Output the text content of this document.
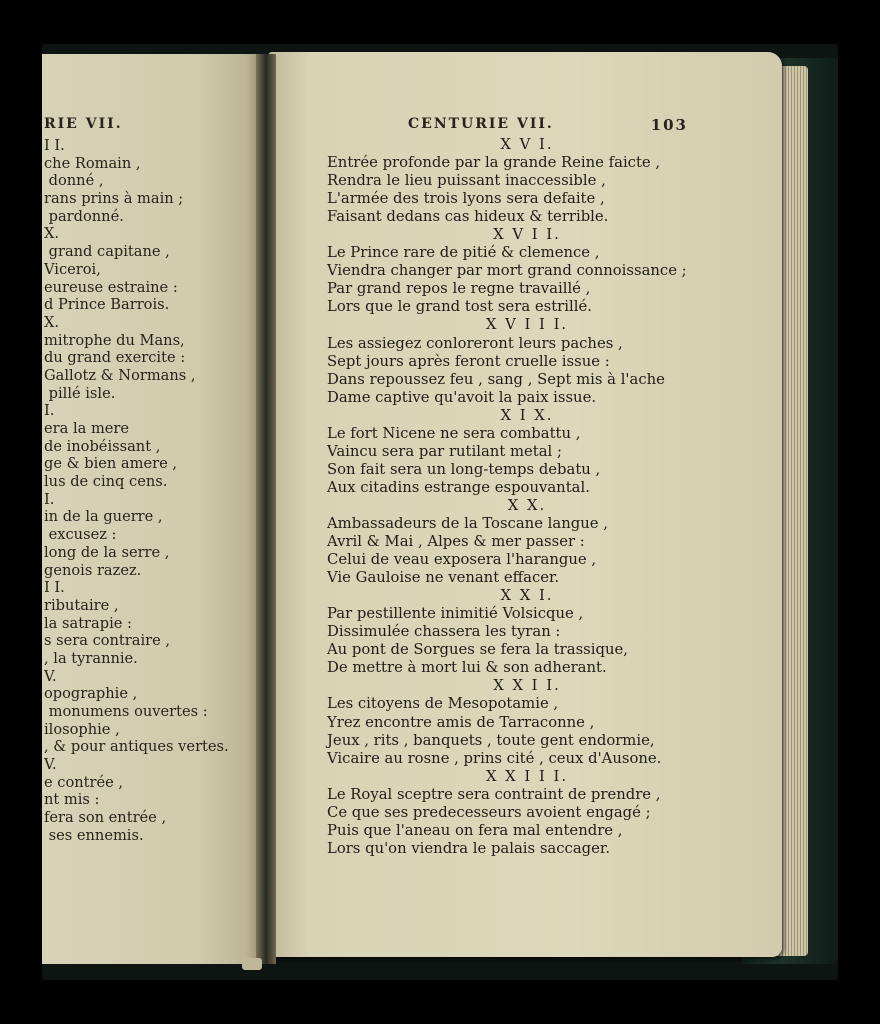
RIE VII.
I I.
che Romain ,
donné ,
rans prins à main ;
pardonné.
X.
grand capitane ,
Viceroi,
eureuse estraine :
d Prince Barrois.
X.
mitrophe du Mans,
du grand exercite :
Gallotz & Normans ,
pillé isle.
I.
era la mere
de inobéissant ,
ge & bien amere ,
lus de cinq cens.
I.
in de la guerre ,
excusez :
long de la serre ,
genois razez.
I I.
ributaire ,
la satrapie :
s sera contraire ,
, la tyrannie.
V.
opographie ,
monumens ouvertes :
ilosophie ,
, & pour antiques vertes.
V.
e contrée ,
nt mis :
fera son entrée ,
ses ennemis.
CENTURIE VII.	103
X V I.
Entrée profonde par la grande Reine faicte ,
Rendra le lieu puissant inaccessible ,
L'armée des trois lyons sera defaite ,
Faisant dedans cas hideux & terrible.
X V I I.
Le Prince rare de pitié & clemence ,
Viendra changer par mort grand connoissance ;
Par grand repos le regne travaillé ,
Lors que le grand tost sera estrillé.
X V I I I.
Les assiegez conloreront leurs paches ,
Sept jours après feront cruelle issue :
Dans repoussez feu , sang , Sept mis à l'ache
Dame captive qu'avoit la paix issue.
X I X.
Le fort Nicene ne sera combattu ,
Vaincu sera par rutilant metal ;
Son fait sera un long-temps debatu ,
Aux citadins estrange espouvantal.
X X.
Ambassadeurs de la Toscane langue ,
Avril & Mai , Alpes & mer passer :
Celui de veau exposera l'harangue ,
Vie Gauloise ne venant effacer.
X X I.
Par pestillente inimitié Volsicque ,
Dissimulée chassera les tyran :
Au pont de Sorgues se fera la trassique,
De mettre à mort lui & son adherant.
X X I I.
Les citoyens de Mesopotamie ,
Yrez encontre amis de Tarraconne ,
Jeux , rits , banquets , toute gent endormie,
Vicaire au rosne , prins cité , ceux d'Ausone.
X X I I I.
Le Royal sceptre sera contraint de prendre ,
Ce que ses predecesseurs avoient engagé ;
Puis que l'aneau on fera mal entendre ,
Lors qu'on viendra le palais saccager.
